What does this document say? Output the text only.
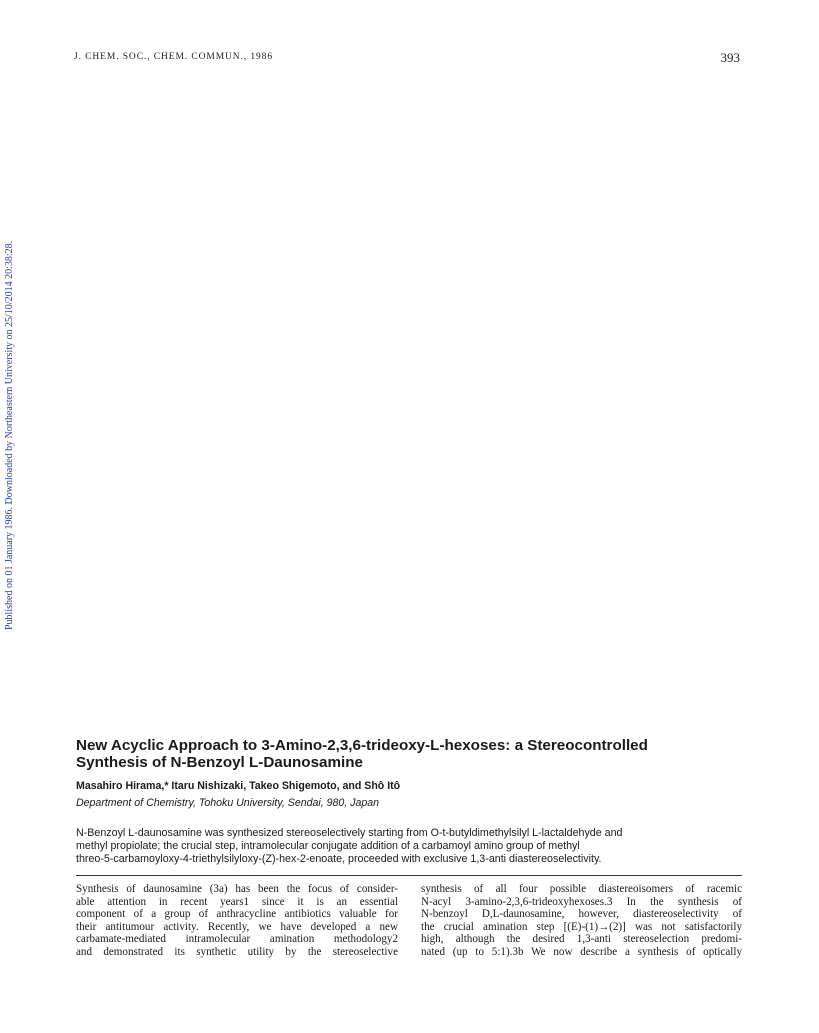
J. CHEM. SOC., CHEM. COMMUN., 1986	393
Published on 01 January 1986. Downloaded by Northeastern University on 25/10/2014 20:38:28.
New Acyclic Approach to 3-Amino-2,3,6-trideoxy-L-hexoses: a Stereocontrolled
Synthesis of N-Benzoyl L-Daunosamine
Masahiro Hirama,* Itaru Nishizaki, Takeo Shigemoto, and Shô Itô
Department of Chemistry, Tohoku University, Sendai, 980, Japan
N-Benzoyl L-daunosamine was synthesized stereoselectively starting from O-t-butyldimethylsilyl L-lactaldehyde and
methyl propiolate; the crucial step, intramolecular conjugate addition of a carbamoyl amino group of methyl
threo-5-carbamoyloxy-4-triethylsilyloxy-(Z)-hex-2-enoate, proceeded with exclusive 1,3-anti diastereoselectivity.
Synthesis of daunosamine (3a) has been the focus of consider-
able attention in recent years1 since it is an essential
component of a group of anthracycline antibiotics valuable for
their antitumour activity. Recently, we have developed a new
carbamate-mediated intramolecular amination methodology2
and demonstrated its synthetic utility by the stereoselective
synthesis of all four possible diastereoisomers of racemic
N-acyl 3-amino-2,3,6-trideoxyhexoses.3 In the synthesis of
N-benzoyl D,L-daunosamine, however, diastereoselectivity of
the crucial amination step [(E)-(1)→(2)] was not satisfactorily
high, although the desired 1,3-anti stereoselection predomi-
nated (up to 5:1).3b We now describe a synthesis of optically
